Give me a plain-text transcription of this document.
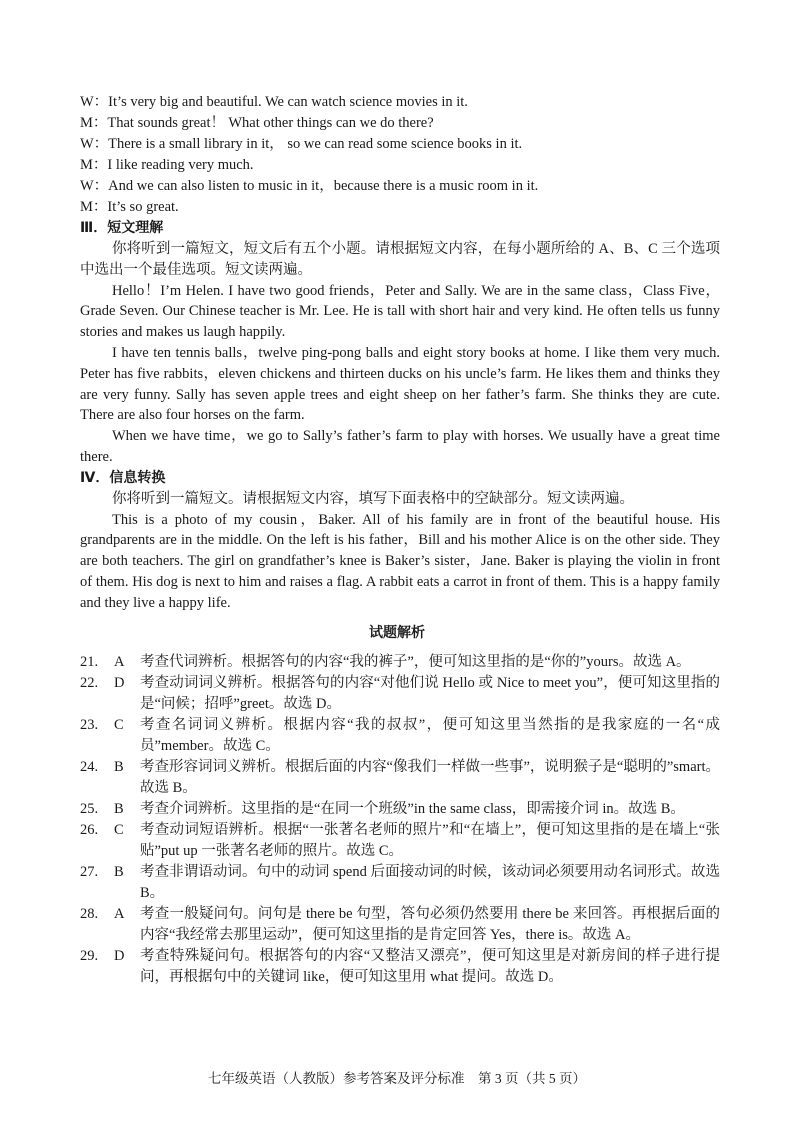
W：It’s very big and beautiful. We can watch science movies in it.
M：That sounds great！ What other things can we do there?
W：There is a small library in it， so we can read some science books in it.
M：I like reading very much.
W：And we can also listen to music in it，because there is a music room in it.
M：It’s so great.
Ⅲ．短文理解
你将听到一篇短文，短文后有五个小题。请根据短文内容，在每小题所给的 A、B、C 三个选项中选出一个最佳选项。短文读两遍。
Hello！I’m Helen. I have two good friends，Peter and Sally. We are in the same class，Class Five，Grade Seven. Our Chinese teacher is Mr. Lee. He is tall with short hair and very kind. He often tells us funny stories and makes us laugh happily.
I have ten tennis balls，twelve ping-pong balls and eight story books at home. I like them very much. Peter has five rabbits，eleven chickens and thirteen ducks on his uncle’s farm. He likes them and thinks they are very funny. Sally has seven apple trees and eight sheep on her father’s farm. She thinks they are cute. There are also four horses on the farm.
When we have time，we go to Sally’s father’s farm to play with horses. We usually have a great time there.
Ⅳ．信息转换
你将听到一篇短文。请根据短文内容，填写下面表格中的空缺部分。短文读两遍。
This is a photo of my cousin，Baker. All of his family are in front of the beautiful house. His grandparents are in the middle. On the left is his father，Bill and his mother Alice is on the other side. They are both teachers. The girl on grandfather’s knee is Baker’s sister，Jane. Baker is playing the violin in front of them. His dog is next to him and raises a flag. A rabbit eats a carrot in front of them. This is a happy family and they live a happy life.
试题解析
21.	A	考查代词辨析。根据答句的内容“我的裤子”，便可知这里指的是“你的”yours。故选 A。
22.	D	考查动词词义辨析。根据答句的内容“对他们说 Hello 或 Nice to meet you”，便可知这里指的是“问候；招呼”greet。故选 D。
23.	C	考查名词词义辨析。根据内容“我的叔叔”，便可知这里当然指的是我家庭的一名“成员”member。故选 C。
24.	B	考查形容词词义辨析。根据后面的内容“像我们一样做一些事”，说明猴子是“聪明的”smart。故选 B。
25.	B	考查介词辨析。这里指的是“在同一个班级”in the same class，即需接介词 in。故选 B。
26.	C	考查动词短语辨析。根据“一张著名老师的照片”和“在墙上”，便可知这里指的是在墙上“张贴”put up 一张著名老师的照片。故选 C。
27.	B	考查非谓语动词。句中的动词 spend 后面接动词的时候，该动词必须要用动名词形式。故选 B。
28.	A	考查一般疑问句。问句是 there be 句型，答句必须仍然要用 there be 来回答。再根据后面的内容“我经常去那里运动”，便可知这里指的是肯定回答 Yes，there is。故选 A。
29.	D	考查特殊疑问句。根据答句的内容“又整洁又漂亮”，便可知这里是对新房间的样子进行提问，再根据句中的关键词 like，便可知这里用 what 提问。故选 D。
七年级英语（人教版）参考答案及评分标准　第 3 页（共 5 页）
